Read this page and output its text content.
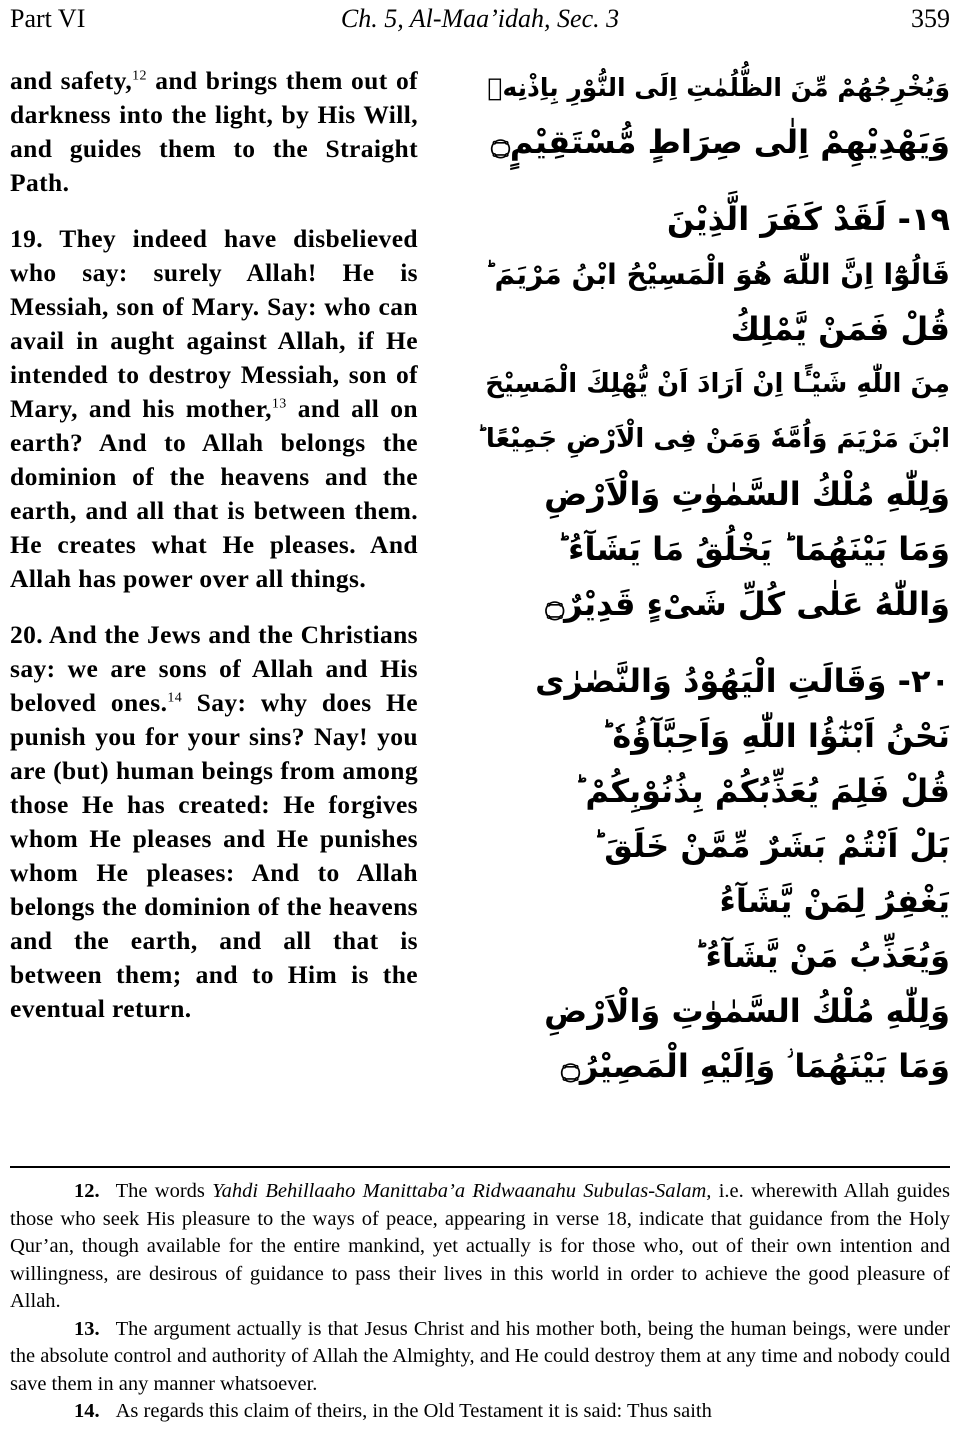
Part VI	Ch. 5, Al-Maa’idah, Sec. 3	359

and safety,$^{12}$ and brings them out of darkness into the light, by His Will, and guides them to the Straight Path.

19. They indeed have disbelieved who say: surely Allah! He is Messiah, son of Mary. Say: who can avail in aught against Allah, if He intended to destroy Messiah, son of Mary, and his mother,$^{13}$ and all on earth? And to Allah belongs the dominion of the heavens and the earth, and all that is between them. He creates what He pleases. And Allah has power over all things.

20. And the Jews and the Christians say: we are sons of Allah and His beloved ones.$^{14}$ Say: why does He punish you for your sins? Nay! you are (but) human beings from among those He has created: He forgives whom He pleases and He punishes whom He pleases: And to Allah belongs the dominion of the heavens and the earth, and all that is between them; and to Him is the eventual return.

وَيُخْرِجُهُمْ مِّنَ الظُّلُمٰتِ اِلَى النُّوْرِ بِاِذْنِهٖ
وَيَهْدِيْهِمْ اِلٰى صِرَاطٍ مُّسْتَقِيْمٍ۝
١٩- لَقَدْ كَفَرَ الَّذِيْنَ
قَالُوْٓا اِنَّ اللّٰهَ هُوَ الْمَسِيْحُ ابْنُ مَرْيَمَ ؕ
قُلْ فَمَنْ يَّمْلِكُ
مِنَ اللّٰهِ شَيْـًٔا اِنْ اَرَادَ اَنْ يُّهْلِكَ الْمَسِيْحَ
ابْنَ مَرْيَمَ وَاُمَّهٗ وَمَنْ فِى الْاَرْضِ جَمِيْعًا ؕ
وَلِلّٰهِ مُلْكُ السَّمٰوٰتِ وَالْاَرْضِ
وَمَا بَيْنَهُمَا ؕ يَخْلُقُ مَا يَشَآءُ ؕ
وَاللّٰهُ عَلٰى كُلِّ شَىْءٍ قَدِيْرٌ۝
٢٠- وَقَالَتِ الْيَهُوْدُ وَالنَّصٰرٰى
نَحْنُ اَبْنٰٓؤُا اللّٰهِ وَاَحِبَّآؤُهٗ ؕ
قُلْ فَلِمَ يُعَذِّبُكُمْ بِذُنُوْبِكُمْ ؕ
بَلْ اَنْتُمْ بَشَرٌ مِّمَّنْ خَلَقَ ؕ
يَغْفِرُ لِمَنْ يَّشَآءُ
وَيُعَذِّبُ مَنْ يَّشَآءُ ؕ
وَلِلّٰهِ مُلْكُ السَّمٰوٰتِ وَالْاَرْضِ
وَمَا بَيْنَهُمَا ؗ وَاِلَيْهِ الْمَصِيْرُ۝

12. The words Yahdi Behillaaho Manittaba’a Ridwaanahu Subulas-Salam, i.e. wherewith Allah guides those who seek His pleasure to the ways of peace, appearing in verse 18, indicate that guidance from the Holy Qur’an, though available for the entire mankind, yet actually is for those who, out of their own intention and willingness, are desirous of guidance to pass their lives in this world in order to achieve the good pleasure of Allah.

13. The argument actually is that Jesus Christ and his mother both, being the human beings, were under the absolute control and authority of Allah the Almighty, and He could destroy them at any time and nobody could save them in any manner whatsoever.

14. As regards this claim of theirs, in the Old Testament it is said: Thus saith
